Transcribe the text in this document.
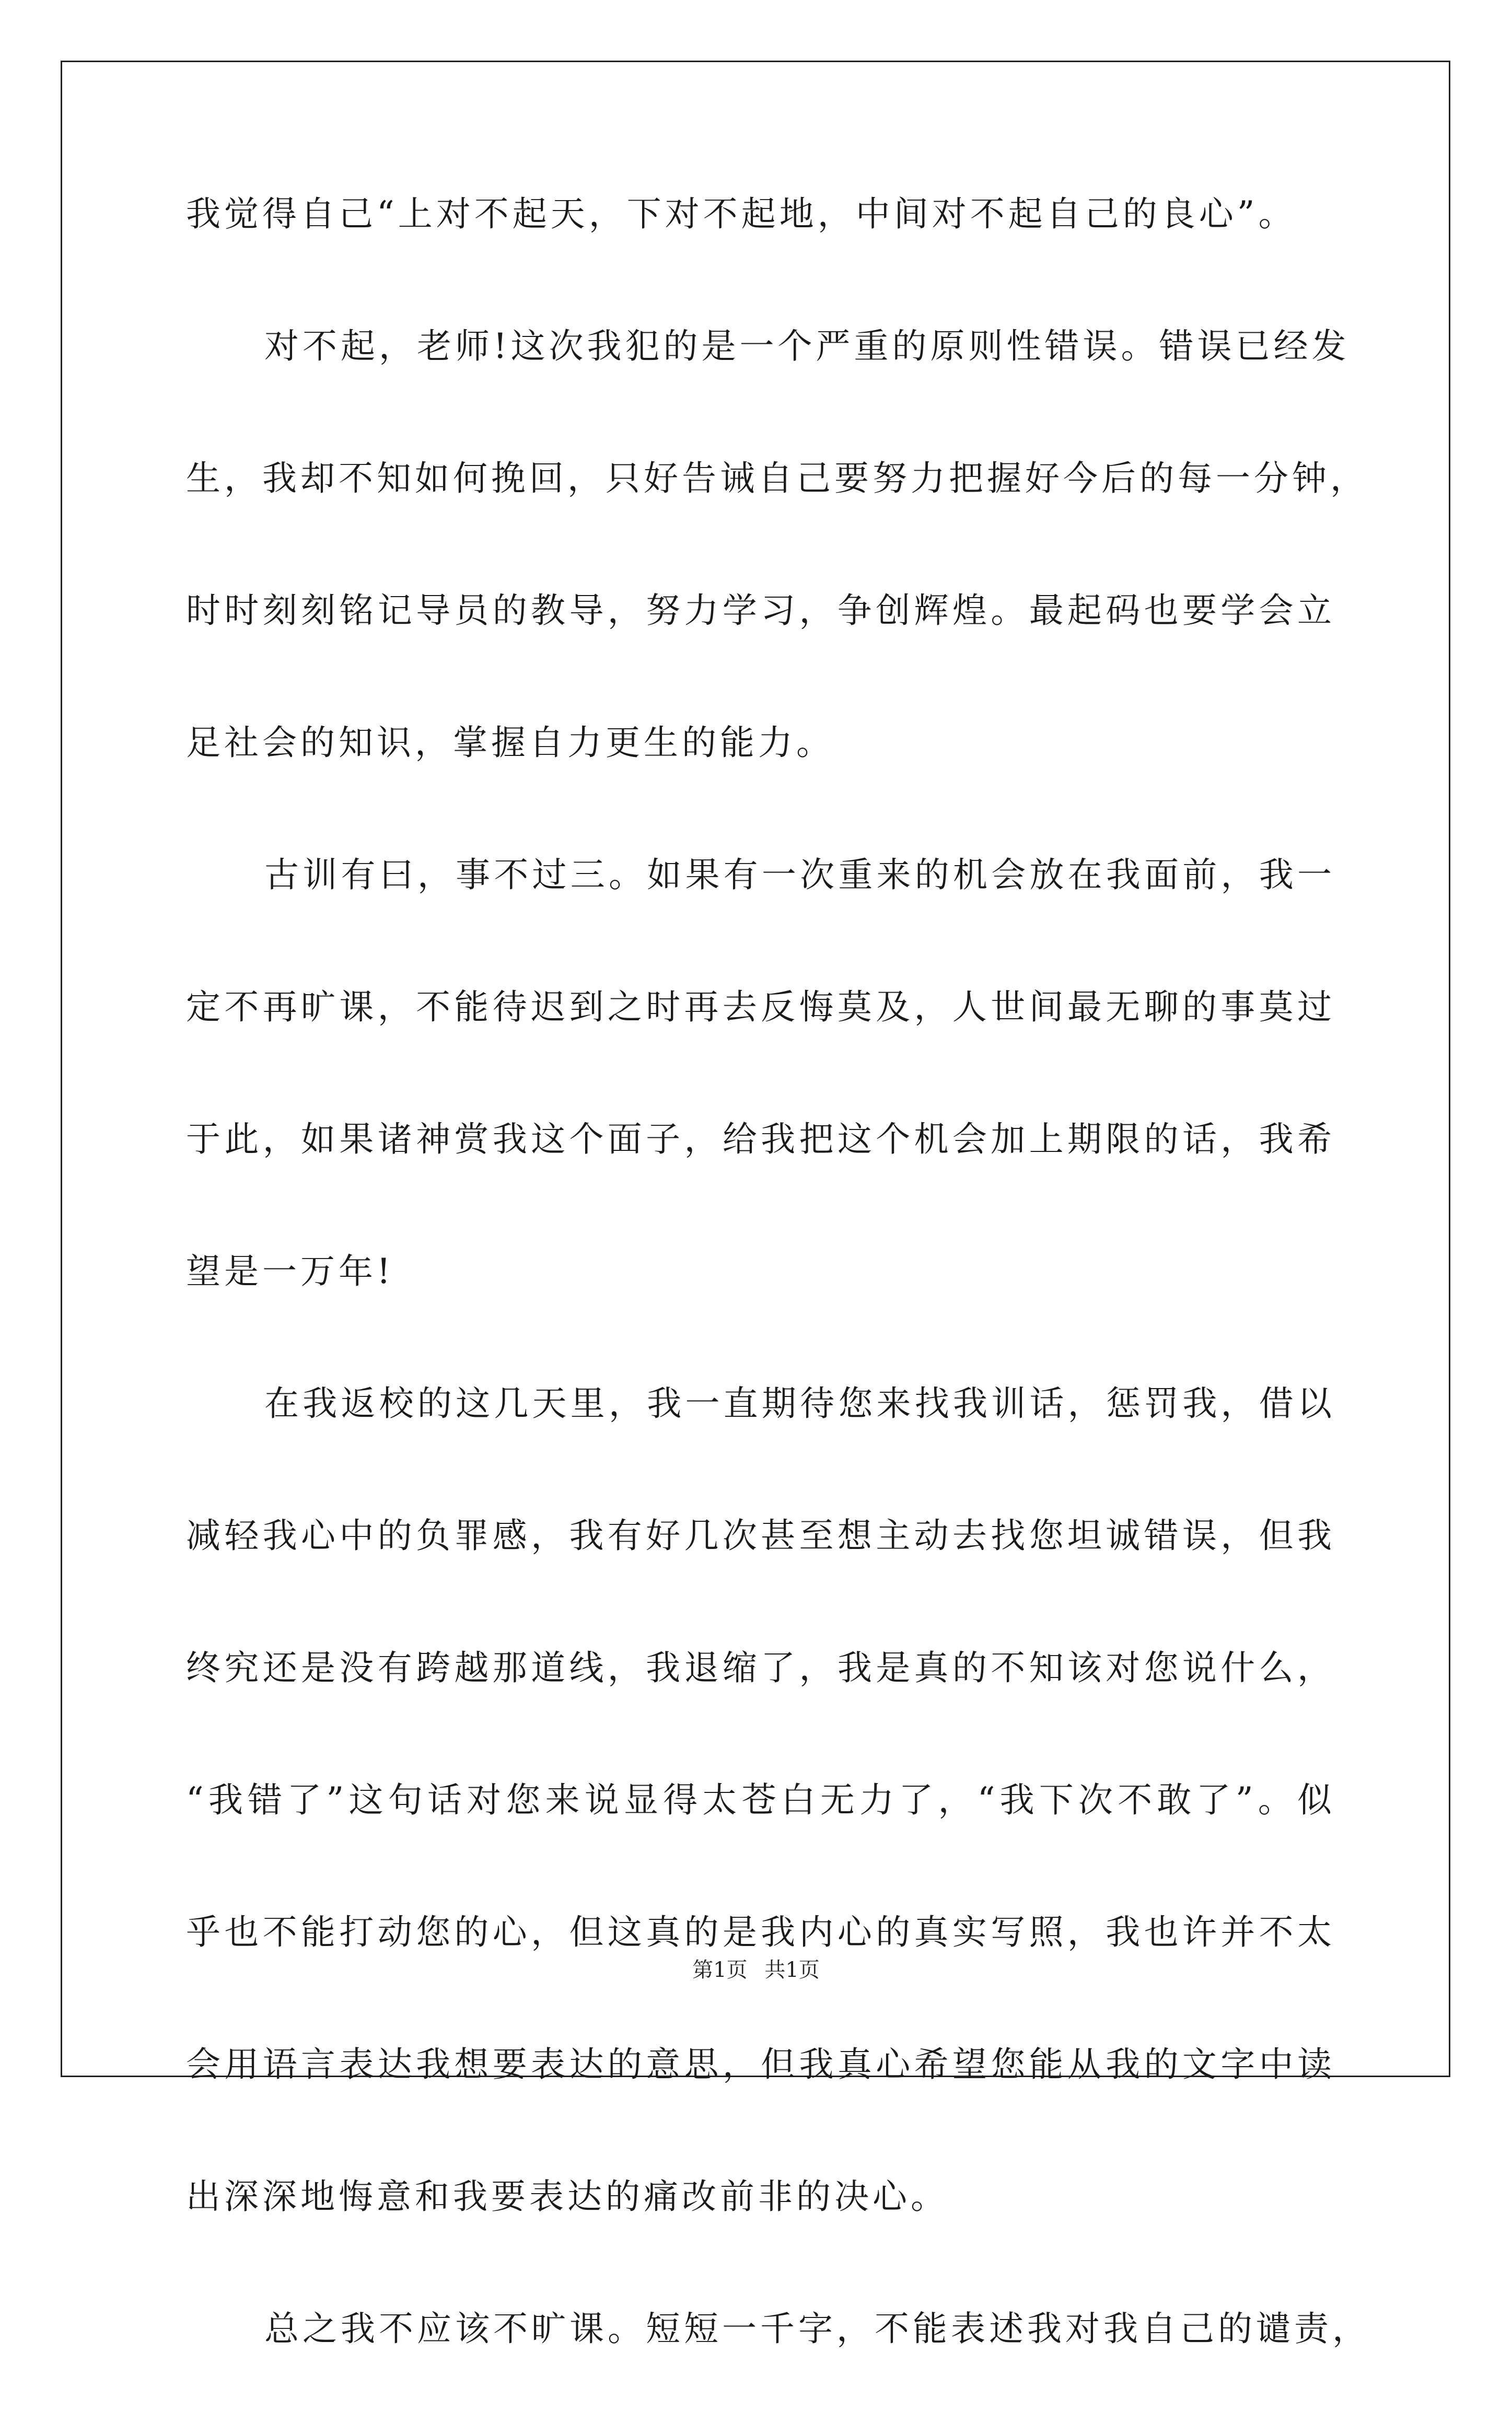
我觉得自己“上对不起天，下对不起地，中间对不起自己的良心”。
对不起，老师!这次我犯的是一个严重的原则性错误。错误已经发
生，我却不知如何挽回，只好告诫自己要努力把握好今后的每一分钟，
时时刻刻铭记导员的教导，努力学习，争创辉煌。最起码也要学会立
足社会的知识，掌握自力更生的能力。
古训有曰，事不过三。如果有一次重来的机会放在我面前，我一
定不再旷课，不能待迟到之时再去反悔莫及，人世间最无聊的事莫过
于此，如果诸神赏我这个面子，给我把这个机会加上期限的话，我希
望是一万年!
在我返校的这几天里，我一直期待您来找我训话，惩罚我，借以
减轻我心中的负罪感，我有好几次甚至想主动去找您坦诚错误，但我
终究还是没有跨越那道线，我退缩了，我是真的不知该对您说什么，
“我错了”这句话对您来说显得太苍白无力了，“我下次不敢了”。似
乎也不能打动您的心，但这真的是我内心的真实写照，我也许并不太
会用语言表达我想要表达的意思，但我真心希望您能从我的文字中读
出深深地悔意和我要表达的痛改前非的决心。
总之我不应该不旷课。短短一千字，不能表述我对我自己的谴责，
第1页 共1页
